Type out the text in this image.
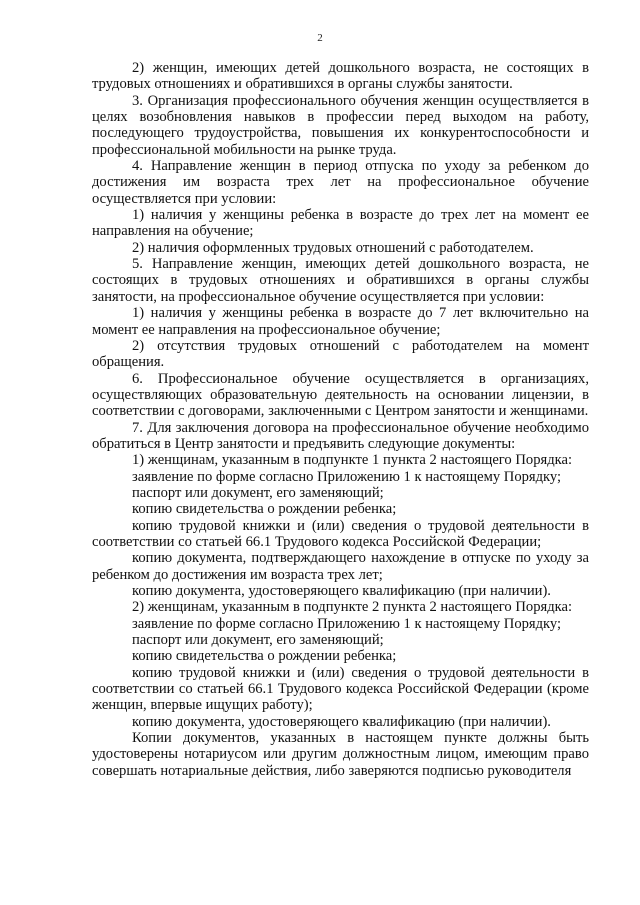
2

2) женщин, имеющих детей дошкольного возраста, не состоящих в трудовых отношениях и обратившихся в органы службы занятости.

3. Организация профессионального обучения женщин осуществляется в целях возобновления навыков в профессии перед выходом на работу, последующего трудоустройства, повышения их конкурентоспособности и профессиональной мобильности на рынке труда.

4. Направление женщин в период отпуска по уходу за ребенком до достижения им возраста трех лет на профессиональное обучение осуществляется при условии:

1) наличия у женщины ребенка в возрасте до трех лет на момент ее направления на обучение;

2) наличия оформленных трудовых отношений с работодателем.

5. Направление женщин, имеющих детей дошкольного возраста, не состоящих в трудовых отношениях и обратившихся в органы службы занятости, на профессиональное обучение осуществляется при условии:

1) наличия у женщины ребенка в возрасте до 7 лет включительно на момент ее направления на профессиональное обучение;

2) отсутствия трудовых отношений с работодателем на момент обращения.

6. Профессиональное обучение осуществляется в организациях, осуществляющих образовательную деятельность на основании лицензии, в соответствии с договорами, заключенными с Центром занятости и женщинами.

7. Для заключения договора на профессиональное обучение необходимо обратиться в Центр занятости и предъявить следующие документы:

1) женщинам, указанным в подпункте 1 пункта 2 настоящего Порядка:

заявление по форме согласно Приложению 1 к настоящему Порядку;

паспорт или документ, его заменяющий;

копию свидетельства о рождении ребенка;

копию трудовой книжки и (или) сведения о трудовой деятельности в соответствии со статьей 66.1 Трудового кодекса Российской Федерации;

копию документа, подтверждающего нахождение в отпуске по уходу за ребенком до достижения им возраста трех лет;

копию документа, удостоверяющего квалификацию (при наличии).

2) женщинам, указанным в подпункте 2 пункта 2 настоящего Порядка:

заявление по форме согласно Приложению 1 к настоящему Порядку;

паспорт или документ, его заменяющий;

копию свидетельства о рождении ребенка;

копию трудовой книжки и (или) сведения о трудовой деятельности в соответствии со статьей 66.1 Трудового кодекса Российской Федерации (кроме женщин, впервые ищущих работу);

копию документа, удостоверяющего квалификацию (при наличии).

Копии документов, указанных в настоящем пункте должны быть удостоверены нотариусом или другим должностным лицом, имеющим право совершать нотариальные действия, либо заверяются подписью руководителя
